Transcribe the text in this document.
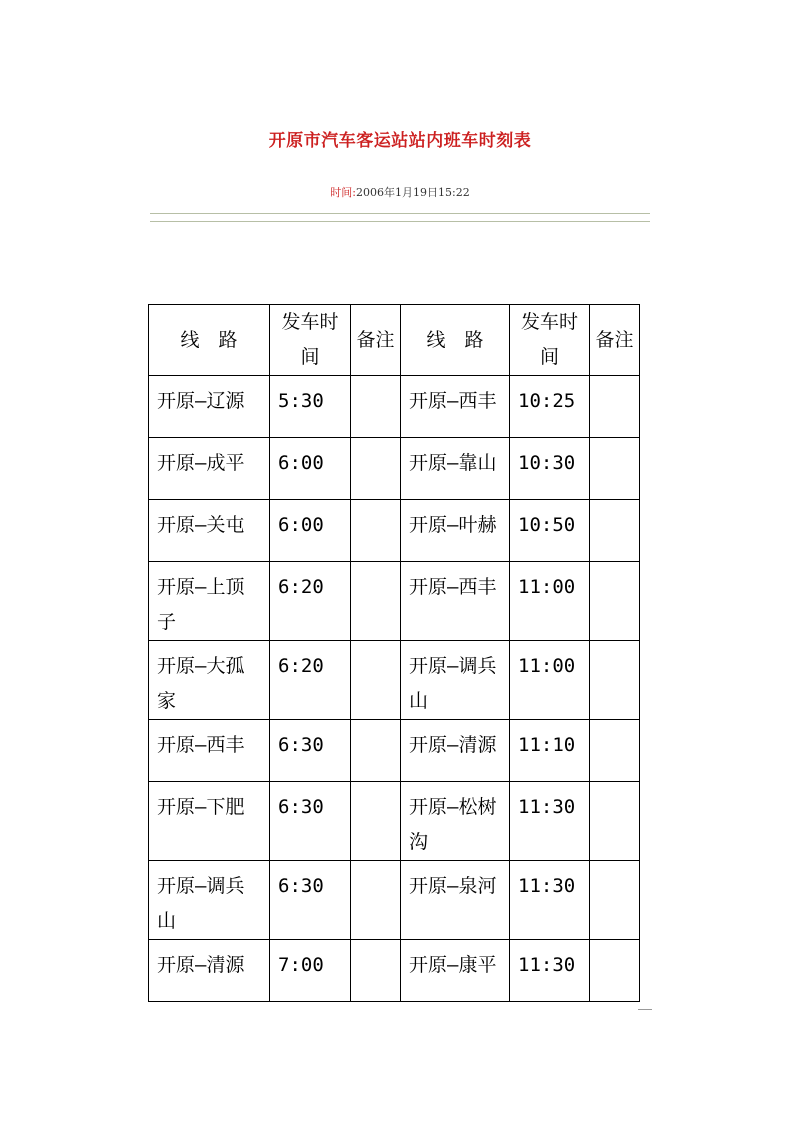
开原市汽车客运站站内班车时刻表
时间:2006年1月19日15:22
线　路	发车时间	备注	线　路	发车时间	备注
开原—辽源	5:30		开原—西丰	10:25	
开原—成平	6:00		开原—靠山	10:30	
开原—关屯	6:00		开原—叶赫	10:50	
开原—上顶子	6:20		开原—西丰	11:00	
开原—大孤家	6:20		开原—调兵山	11:00	
开原—西丰	6:30		开原—清源	11:10	
开原—下肥	6:30		开原—松树沟	11:30	
开原—调兵山	6:30		开原—泉河	11:30	
开原—清源	7:00		开原—康平	11:30	
